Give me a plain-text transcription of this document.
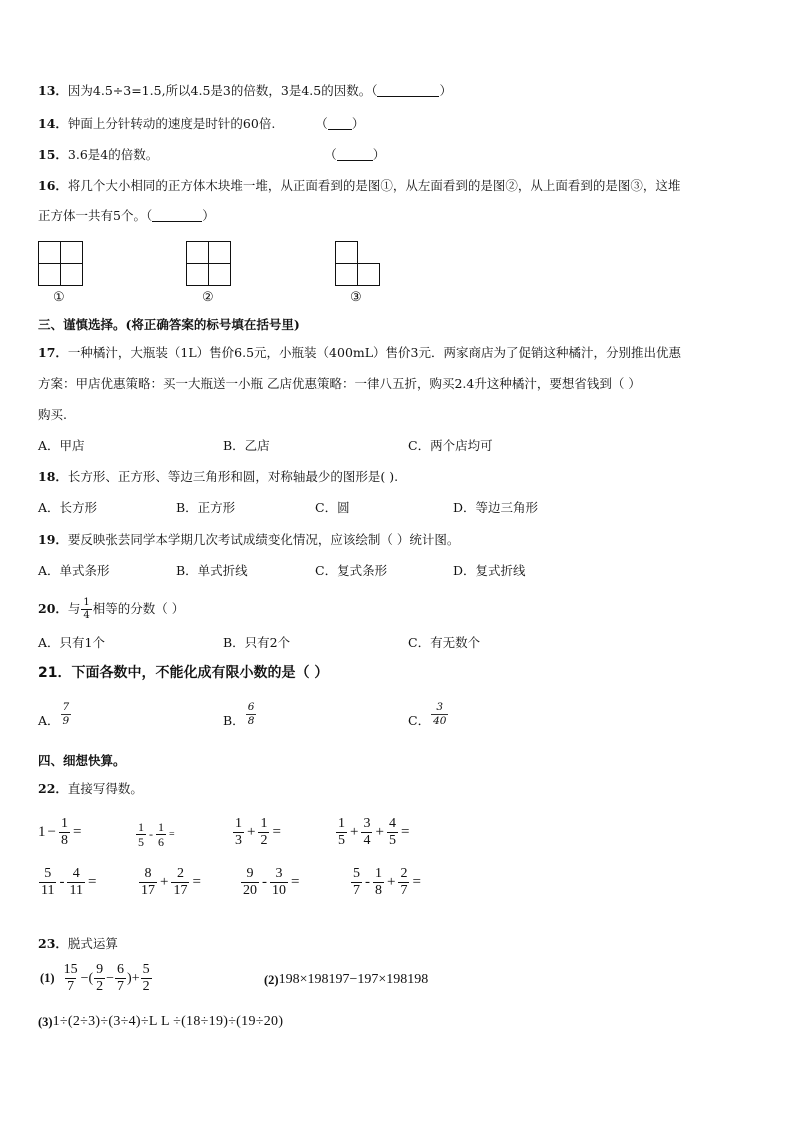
13．因为4.5÷3=1.5,所以4.5是3的倍数，3是4.5的因数。（	）
14．钟面上分针转动的速度是时针的60倍.	（ ）
15．3.6是4的倍数。	（	）
16．将几个大小相同的正方体木块堆一堆，从正面看到的是图①，从左面看到的是图②，从上面看到的是图③，这堆
正方体一共有5个。（	）
①	②	③
三、谨慎选择。(将正确答案的标号填在括号里)
17．一种橘汁，大瓶装（1L）售价6.5元，小瓶装（400mL）售价3元．两家商店为了促销这种橘汁，分别推出优惠
方案：甲店优惠策略：买一大瓶送一小瓶 乙店优惠策略：一律八五折，购买2.4升这种橘汁，要想省钱到（ ）
购买.
A．甲店	B．乙店	C．两个店均可
18．长方形、正方形、等边三角形和圆，对称轴最少的图形是( ).
A．长方形	B．正方形	C．圆	D．等边三角形
19．要反映张芸同学本学期几次考试成绩变化情况，应该绘制（ ）统计图。
A．单式条形	B．单式折线	C．复式条形	D．复式折线
20．与 $\frac{1}{4}$ 相等的分数（ ）
A．只有1个	B．只有2个	C．有无数个
21．下面各数中，不能化成有限小数的是（ ）
A． $\frac{7}{9}$	B． $\frac{6}{8}$	C． $\frac{3}{40}$
四、细想快算。
22．直接写得数。
$1 - \frac{1}{8}$ =	$\frac{1}{5} - \frac{1}{6}$ =	$\frac{1}{3} + \frac{1}{2}$ =	$\frac{1}{5} + \frac{3}{4} + \frac{4}{5}$ =
$\frac{5}{11} - \frac{4}{11}$ =	$\frac{8}{17} + \frac{2}{17}$ =	$\frac{9}{20} - \frac{3}{10}$ =	$\frac{5}{7} - \frac{1}{8} + \frac{2}{7}$ =
23．脱式运算
$(1) \frac{15}{7}$ −( $\frac{9}{2} - \frac{6}{7}$ )+ $\frac{5}{2}$	(2) 198×198197−197×198198
(3) 1÷(2÷3)÷(3÷4)÷L L ÷(18÷19)÷(19÷20)
